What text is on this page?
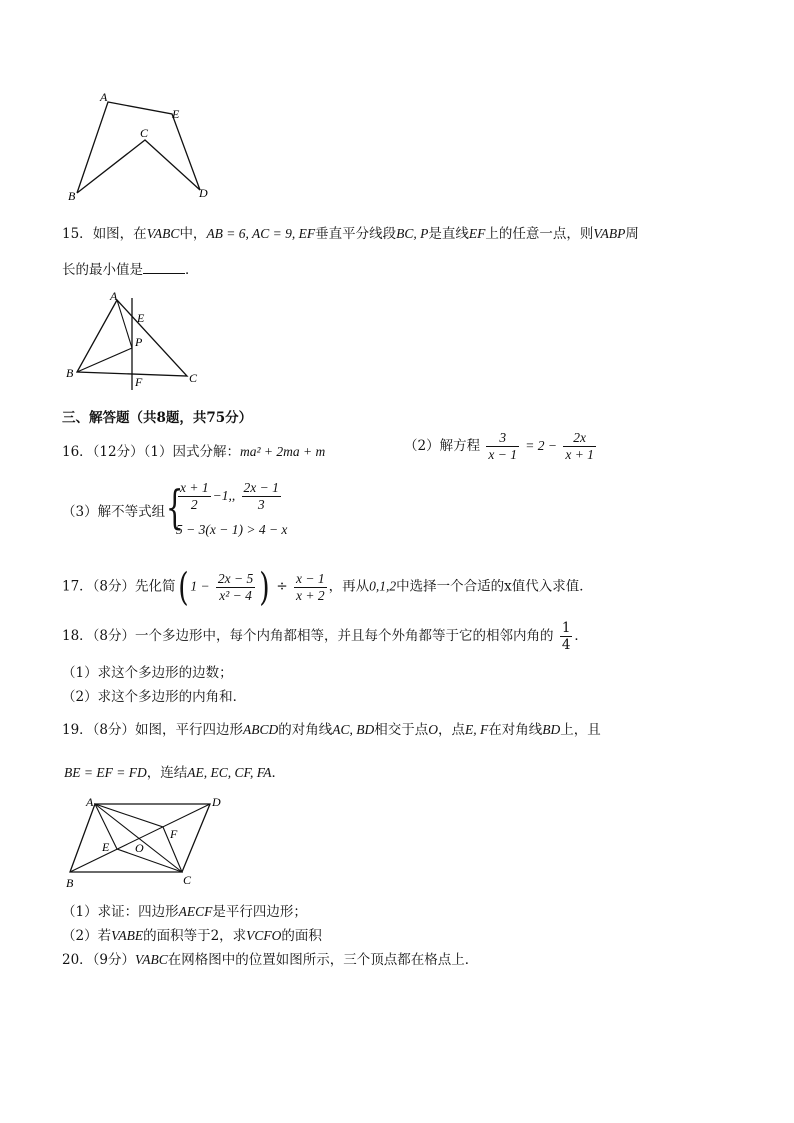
A
E
C
B	D
15．如图，在VABC中，AB = 6, AC = 9, EF垂直平分线段BC, P是直线EF上的任意一点，则VABP周
长的最小值是	．
A
E
P
B
F	C
三、解答题（共8题，共75分）
16．（12分）（1）因式分解：ma² + 2ma + m	（2）解方程 $\frac{3}{x - 1} = 2 - \frac{2x}{x + 1}$
（3）解不等式组 {
$\frac{x + 1}{2} -1$,, $\frac{2x - 1}{3}$
5 − 3(x − 1) > 4 − x
17．（8分）先化简( $1 - \frac{2x - 5}{\text{x² − 4}}$ ) ÷ $\frac{x - 1}{x + 2}$ ，再从0,1,2中选择一个合适的x值代入求值．
18．（8分）一个多边形中，每个内角都相等，并且每个外角都等于它的相邻内角的 $\frac{1}{4}$ ．
（1）求这个多边形的边数；
（2）求这个多边形的内角和．
19．（8分）如图，平行四边形ABCD的对角线AC, BD相交于点O，点E, F在对角线BD上，且
BE = EF = FD，连结AE, EC, CF, FA．
A	D
F
E O
B	C
（1）求证：四边形AECF是平行四边形；
（2）若VABE的面积等于2，求VCFO的面积
20．（9分）VABC在网格图中的位置如图所示，三个顶点都在格点上．
